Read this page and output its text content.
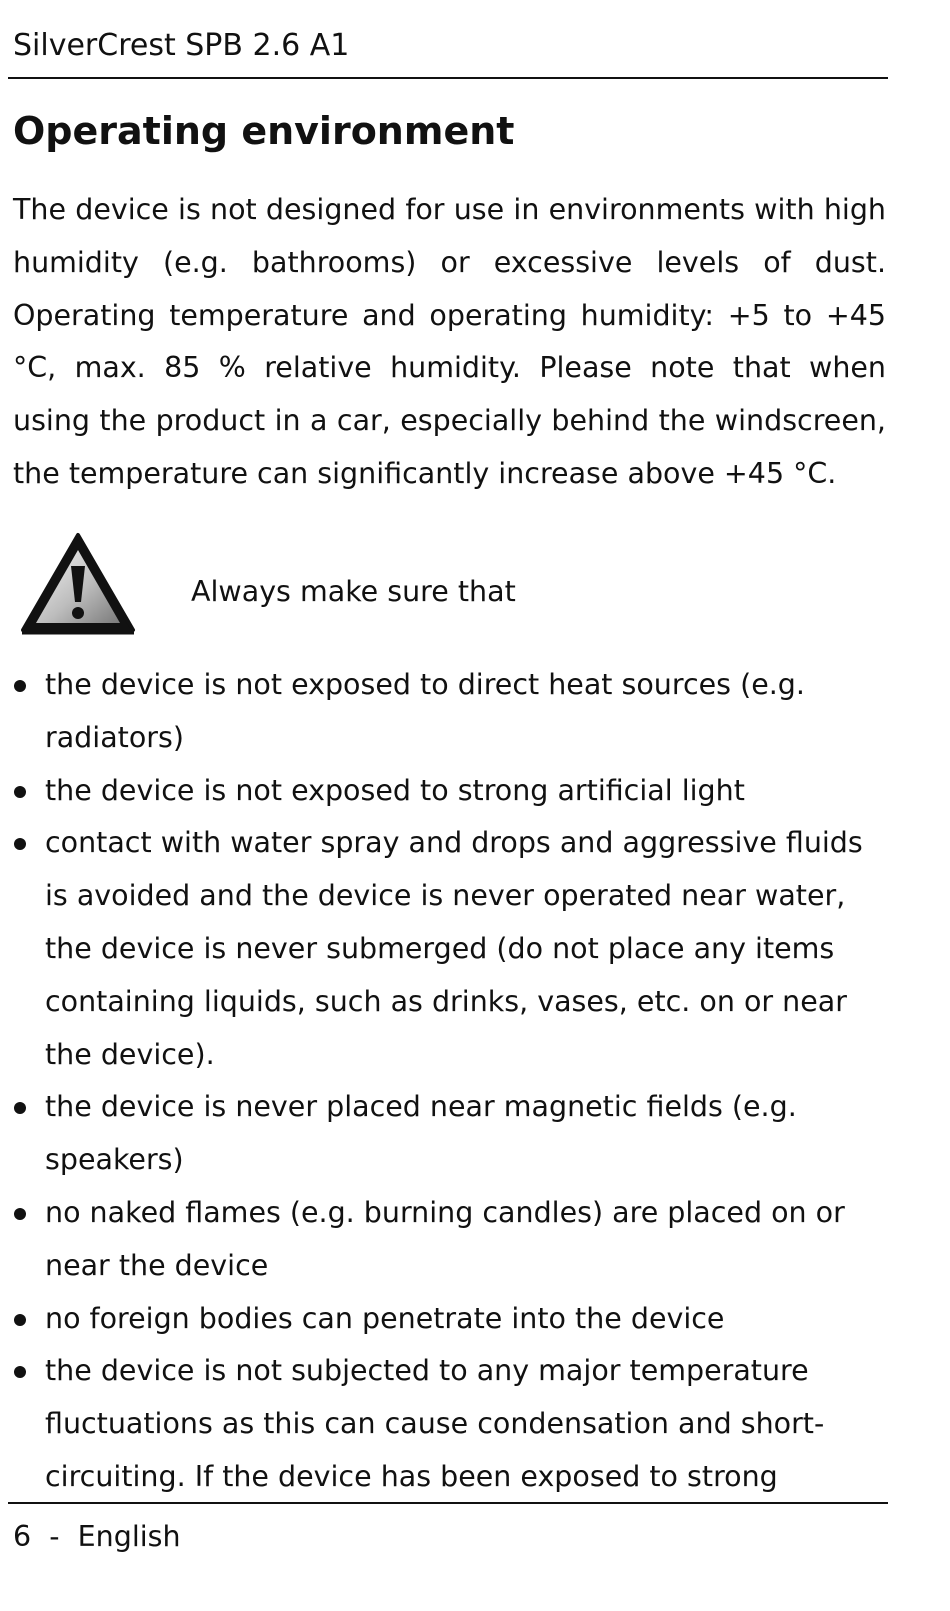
SilverCrest SPB 2.6 A1
Operating environment

The device is not designed for use in environments with high humidity (e.g. bathrooms) or excessive levels of dust. Operating temperature and operating humidity: +5 to +45 °C, max. 85 % relative humidity. Please note that when using the product in a car, especially behind the windscreen, the temperature can significantly increase above +45 °C.

Always make sure that
the device is not exposed to direct heat sources (e.g. radiators)
the device is not exposed to strong artificial light
contact with water spray and drops and aggressive fluids is avoided and the device is never operated near water, the device is never submerged (do not place any items containing liquids, such as drinks, vases, etc. on or near the device).
the device is never placed near magnetic fields (e.g. speakers)
no naked flames (e.g. burning candles) are placed on or near the device
no foreign bodies can penetrate into the device
the device is not subjected to any major temperature fluctuations as this can cause condensation and short-circuiting. If the device has been exposed to strong
6  -  English
